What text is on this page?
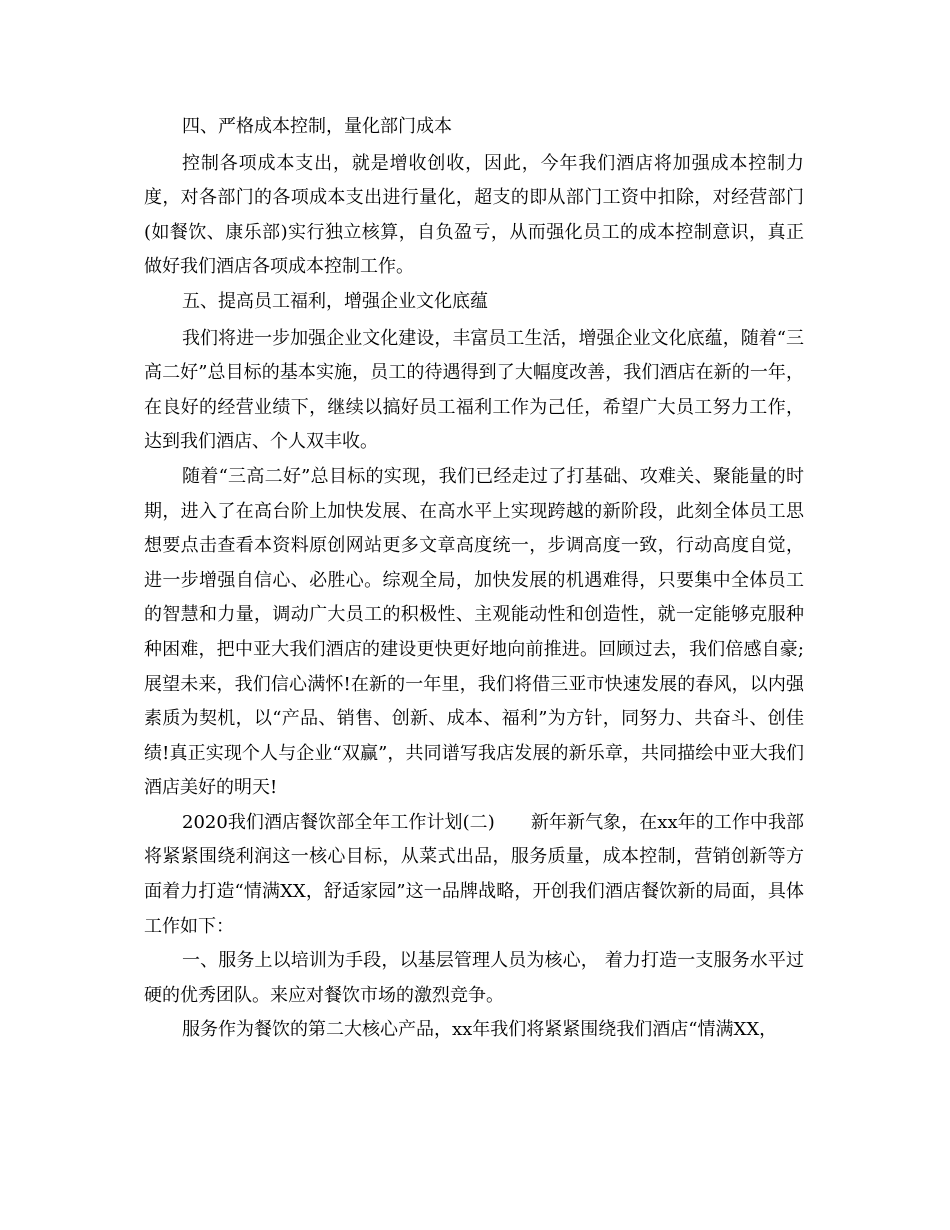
四、严格成本控制，量化部门成本

控制各项成本支出，就是增收创收，因此，今年我们酒店将加强成本控制力度，对各部门的各项成本支出进行量化，超支的即从部门工资中扣除，对经营部门(如餐饮、康乐部)实行独立核算，自负盈亏，从而强化员工的成本控制意识，真正做好我们酒店各项成本控制工作。

五、提高员工福利，增强企业文化底蕴

我们将进一步加强企业文化建设，丰富员工生活，增强企业文化底蕴，随着“三高二好”总目标的基本实施，员工的待遇得到了大幅度改善，我们酒店在新的一年，在良好的经营业绩下，继续以搞好员工福利工作为己任，希望广大员工努力工作，达到我们酒店、个人双丰收。

随着“三高二好”总目标的实现，我们已经走过了打基础、攻难关、聚能量的时期，进入了在高台阶上加快发展、在高水平上实现跨越的新阶段，此刻全体员工思想要点击查看本资料原创网站更多文章高度统一，步调高度一致，行动高度自觉，进一步增强自信心、必胜心。综观全局，加快发展的机遇难得，只要集中全体员工的智慧和力量，调动广大员工的积极性、主观能动性和创造性，就一定能够克服种种困难，把中亚大我们酒店的建设更快更好地向前推进。回顾过去，我们倍感自豪;展望未来，我们信心满怀!在新的一年里，我们将借三亚市快速发展的春风，以内强素质为契机，以“产品、销售、创新、成本、福利”为方针，同努力、共奋斗、创佳绩!真正实现个人与企业“双赢”，共同谱写我店发展的新乐章，共同描绘中亚大我们酒店美好的明天!

2020我们酒店餐饮部全年工作计划(二)　　新年新气象，在xx年的工作中我部将紧紧围绕利润这一核心目标，从菜式出品，服务质量，成本控制，营销创新等方面着力打造“情满XX，舒适家园”这一品牌战略，开创我们酒店餐饮新的局面，具体工作如下：

一、服务上以培训为手段，以基层管理人员为核心， 着力打造一支服务水平过硬的优秀团队。来应对餐饮市场的激烈竞争。

服务作为餐饮的第二大核心产品，xx年我们将紧紧围绕我们酒店“情满XX，
